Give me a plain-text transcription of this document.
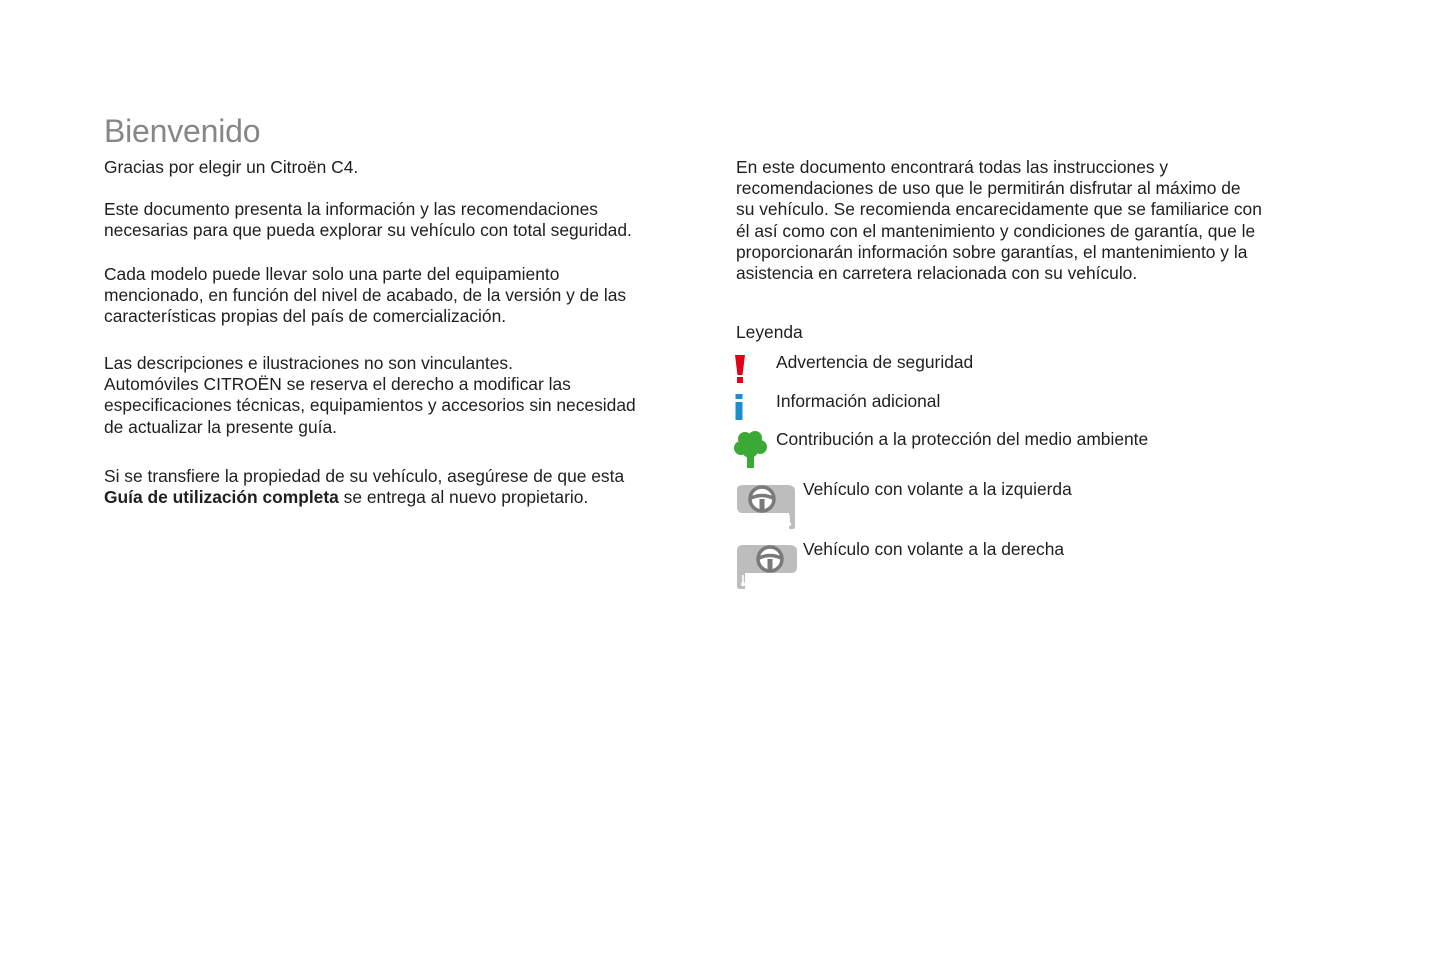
Bienvenido

Gracias por elegir un Citroën C4.

Este documento presenta la información y las recomendaciones
necesarias para que pueda explorar su vehículo con total seguridad.

Cada modelo puede llevar solo una parte del equipamiento
mencionado, en función del nivel de acabado, de la versión y de las
características propias del país de comercialización.

Las descripciones e ilustraciones no son vinculantes.
Automóviles CITROËN se reserva el derecho a modificar las
especificaciones técnicas, equipamientos y accesorios sin necesidad
de actualizar la presente guía.

Si se transfiere la propiedad de su vehículo, asegúrese de que esta
Guía de utilización completa se entrega al nuevo propietario.

En este documento encontrará todas las instrucciones y
recomendaciones de uso que le permitirán disfrutar al máximo de
su vehículo. Se recomienda encarecidamente que se familiarice con
él así como con el mantenimiento y condiciones de garantía, que le
proporcionarán información sobre garantías, el mantenimiento y la
asistencia en carretera relacionada con su vehículo.

Leyenda

Advertencia de seguridad

Información adicional

Contribución a la protección del medio ambiente

Vehículo con volante a la izquierda

Vehículo con volante a la derecha
